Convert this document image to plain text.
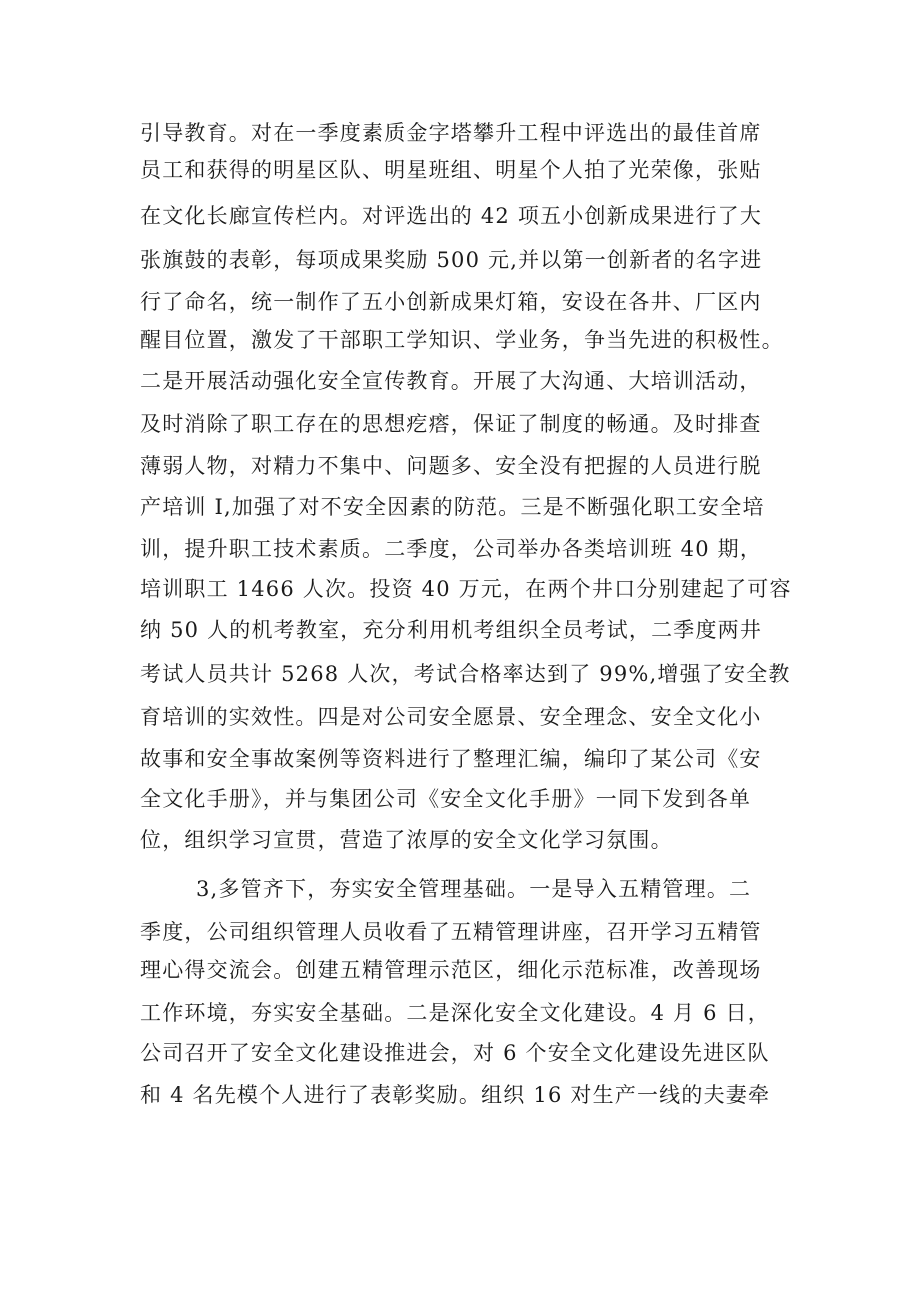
引导教育。对在一季度素质金字塔攀升工程中评选出的最佳首席
员工和获得的明星区队、明星班组、明星个人拍了光荣像，张贴
在文化长廊宣传栏内。对评选出的 42 项五小创新成果进行了大
张旗鼓的表彰，每项成果奖励 500 元,并以第一创新者的名字进
行了命名，统一制作了五小创新成果灯箱，安设在各井、厂区内
醒目位置，激发了干部职工学知识、学业务，争当先进的积极性。
二是开展活动强化安全宣传教育。开展了大沟通、大培训活动，
及时消除了职工存在的思想疙瘩，保证了制度的畅通。及时排查
薄弱人物，对精力不集中、问题多、安全没有把握的人员进行脱
产培训 I,加强了对不安全因素的防范。三是不断强化职工安全培
训，提升职工技术素质。二季度，公司举办各类培训班 40 期，
培训职工 1466 人次。投资 40 万元，在两个井口分别建起了可容
纳 50 人的机考教室，充分利用机考组织全员考试，二季度两井
考试人员共计 5268 人次，考试合格率达到了 99%,增强了安全教
育培训的实效性。四是对公司安全愿景、安全理念、安全文化小
故事和安全事故案例等资料进行了整理汇编，编印了某公司《安
全文化手册》，并与集团公司《安全文化手册》一同下发到各单
位，组织学习宣贯，营造了浓厚的安全文化学习氛围。
3,多管齐下，夯实安全管理基础。一是导入五精管理。二
季度，公司组织管理人员收看了五精管理讲座，召开学习五精管
理心得交流会。创建五精管理示范区，细化示范标准，改善现场
工作环境，夯实安全基础。二是深化安全文化建设。4 月 6 日，
公司召开了安全文化建设推进会，对 6 个安全文化建设先进区队
和 4 名先模个人进行了表彰奖励。组织 16 对生产一线的夫妻牵
